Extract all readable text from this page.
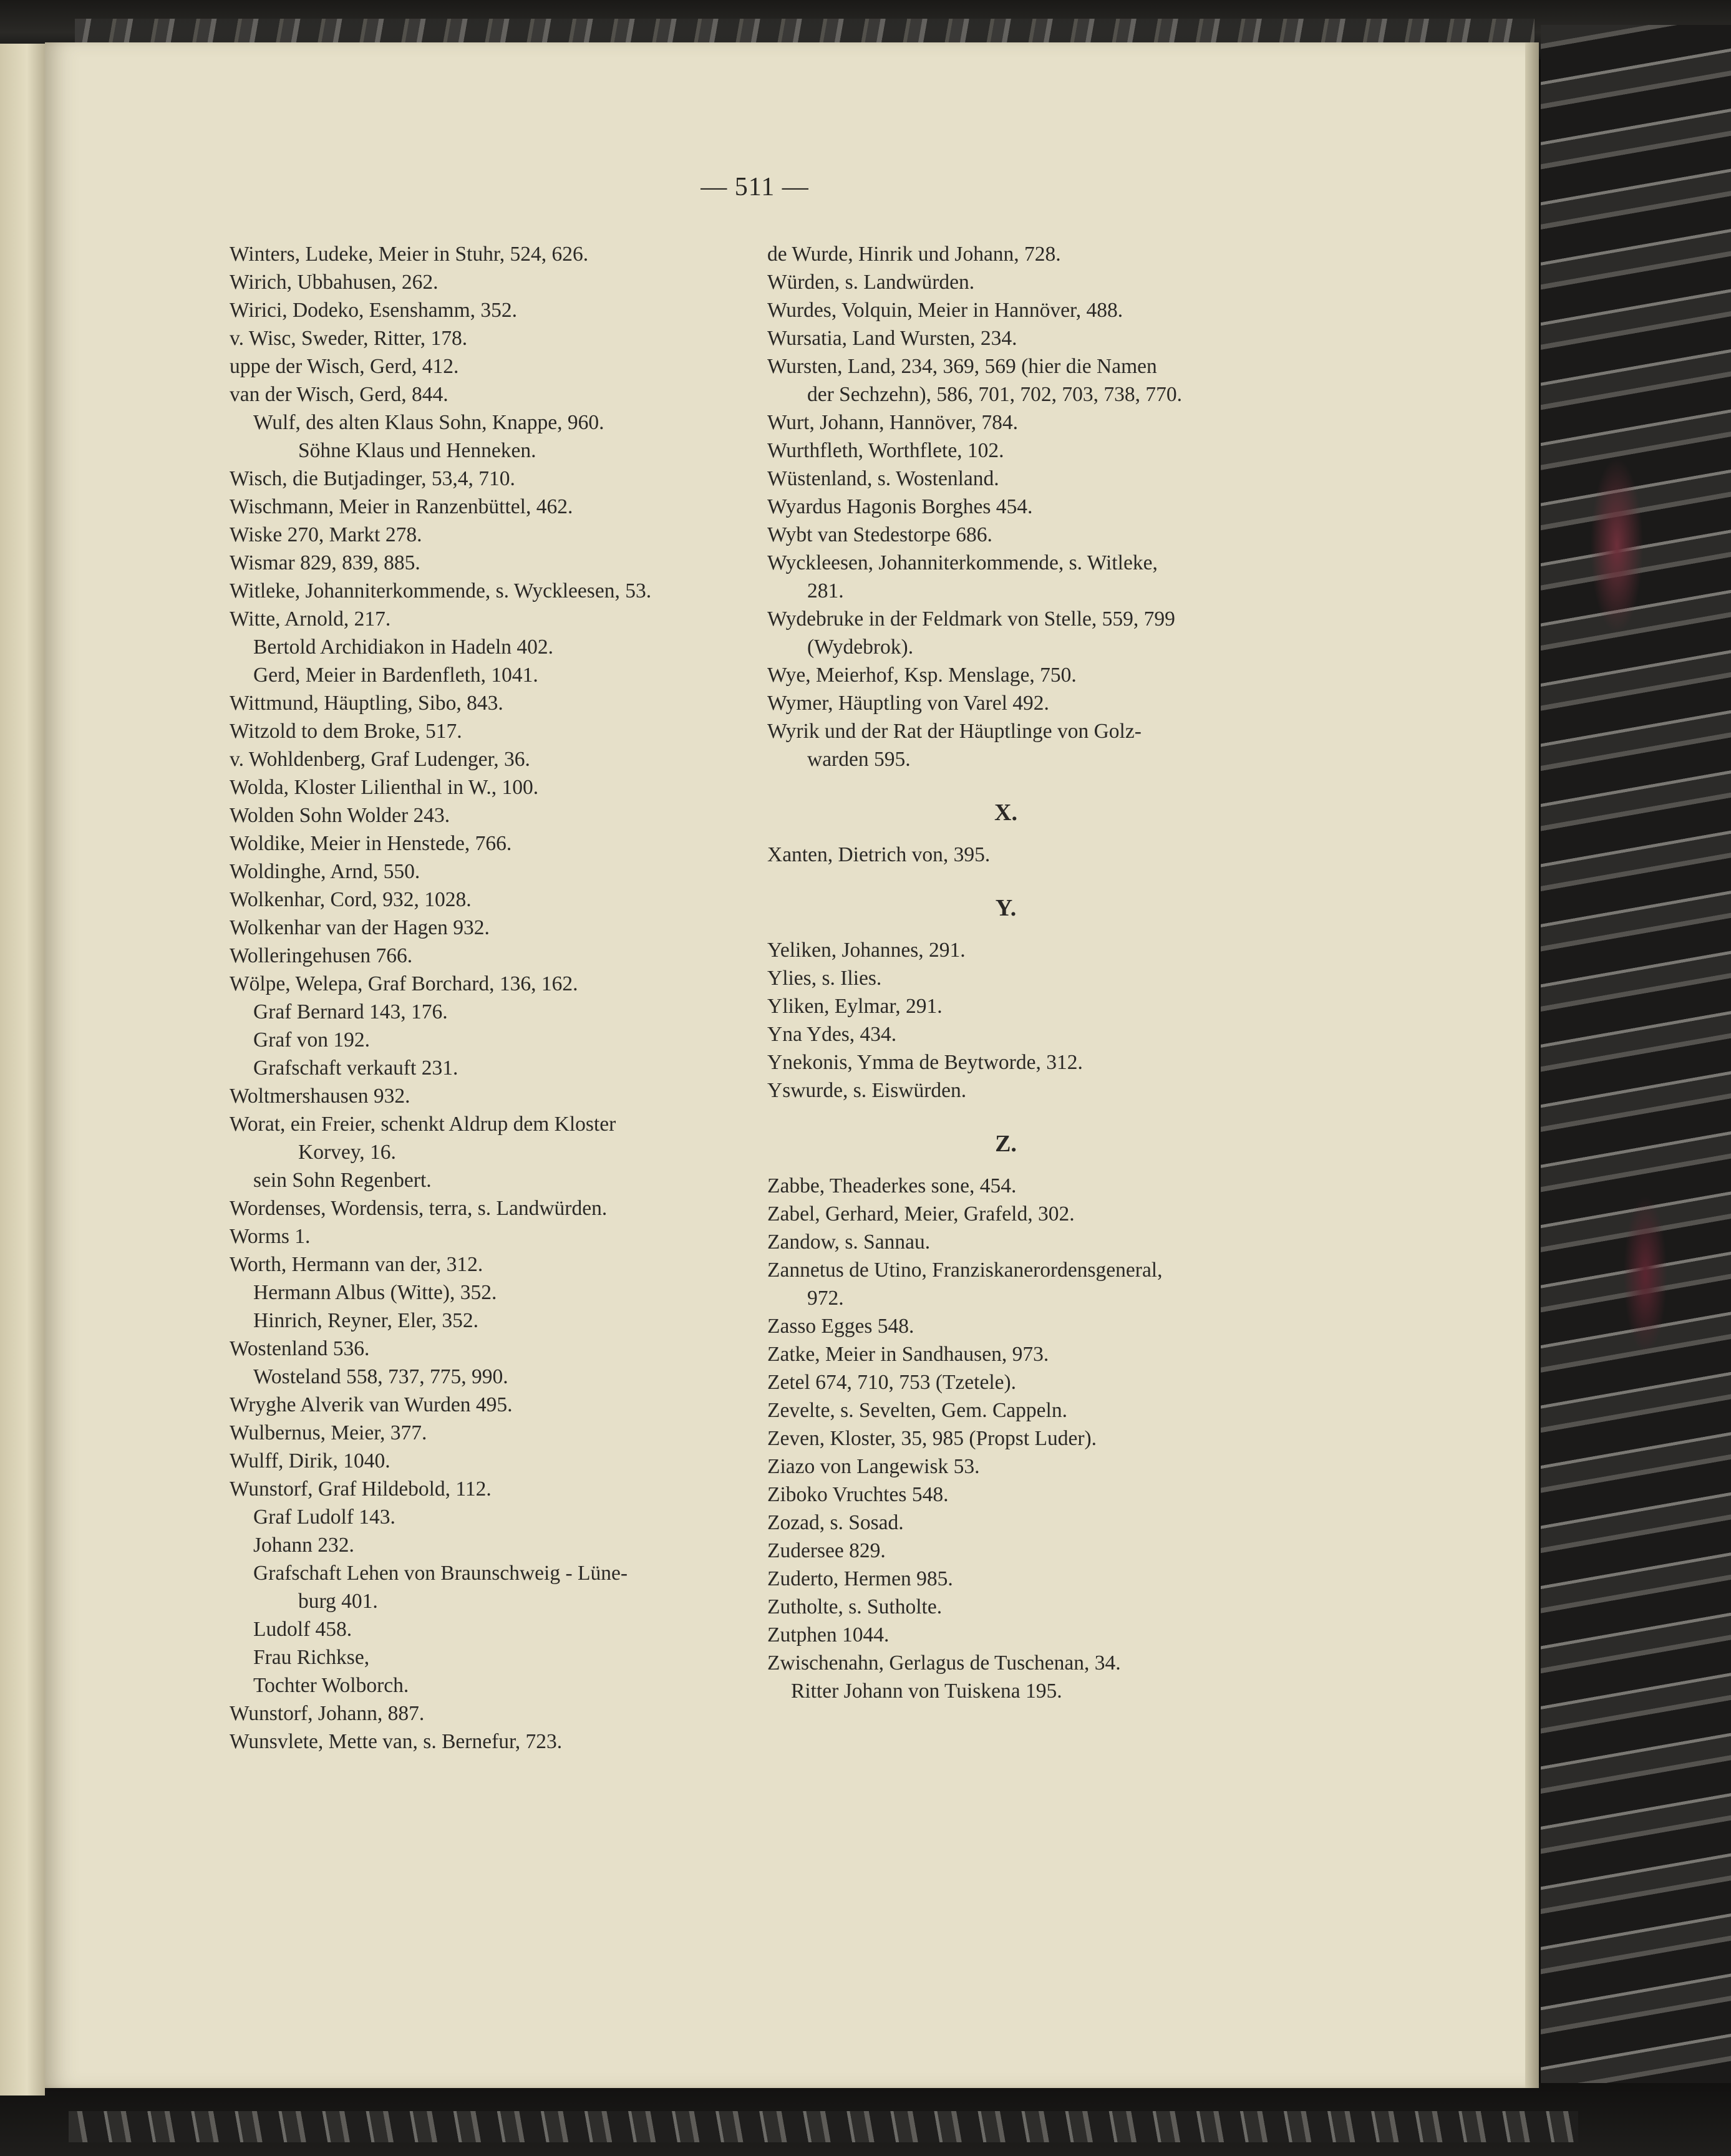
— 511 —
Winters, Ludeke, Meier in Stuhr, 524, 626.
Wirich, Ubbahusen, 262.
Wirici, Dodeko, Esenshamm, 352.
v. Wisc, Sweder, Ritter, 178.
uppe der Wisch, Gerd, 412.
van der Wisch, Gerd, 844.
Wulf, des alten Klaus Sohn, Knappe, 960.
Söhne Klaus und Henneken.
Wisch, die Butjadinger, 53,4, 710.
Wischmann, Meier in Ranzenbüttel, 462.
Wiske 270, Markt 278.
Wismar 829, 839, 885.
Witleke, Johanniterkommende, s. Wyckleesen, 53.
Witte, Arnold, 217.
Bertold Archidiakon in Hadeln 402.
Gerd, Meier in Bardenfleth, 1041.
Wittmund, Häuptling, Sibo, 843.
Witzold to dem Broke, 517.
v. Wohldenberg, Graf Ludenger, 36.
Wolda, Kloster Lilienthal in W., 100.
Wolden Sohn Wolder 243.
Woldike, Meier in Henstede, 766.
Woldinghe, Arnd, 550.
Wolkenhar, Cord, 932, 1028.
Wolkenhar van der Hagen 932.
Wolleringehusen 766.
Wölpe, Welepa, Graf Borchard, 136, 162.
Graf Bernard 143, 176.
Graf von 192.
Grafschaft verkauft 231.
Woltmershausen 932.
Worat, ein Freier, schenkt Aldrup dem Kloster
Korvey, 16.
sein Sohn Regenbert.
Wordenses, Wordensis, terra, s. Landwürden.
Worms 1.
Worth, Hermann van der, 312.
Hermann Albus (Witte), 352.
Hinrich, Reyner, Eler, 352.
Wostenland 536.
Wosteland 558, 737, 775, 990.
Wryghe Alverik van Wurden 495.
Wulbernus, Meier, 377.
Wulff, Dirik, 1040.
Wunstorf, Graf Hildebold, 112.
Graf Ludolf 143.
Johann 232.
Grafschaft Lehen von Braunschweig - Lüne-
burg 401.
Ludolf 458.
Frau Richkse,
Tochter Wolborch.
Wunstorf, Johann, 887.
Wunsvlete, Mette van, s. Bernefur, 723.
de Wurde, Hinrik und Johann, 728.
Würden, s. Landwürden.
Wurdes, Volquin, Meier in Hannöver, 488.
Wursatia, Land Wursten, 234.
Wursten, Land, 234, 369, 569 (hier die Namen
der Sechzehn), 586, 701, 702, 703, 738, 770.
Wurt, Johann, Hannöver, 784.
Wurthfleth, Worthflete, 102.
Wüstenland, s. Wostenland.
Wyardus Hagonis Borghes 454.
Wybt van Stedestorpe 686.
Wyckleesen, Johanniterkommende, s. Witleke,
281.
Wydebruke in der Feldmark von Stelle, 559, 799
(Wydebrok).
Wye, Meierhof, Ksp. Menslage, 750.
Wymer, Häuptling von Varel 492.
Wyrik und der Rat der Häuptlinge von Golz-
warden 595.
X.
Xanten, Dietrich von, 395.
Y.
Yeliken, Johannes, 291.
Ylies, s. Ilies.
Yliken, Eylmar, 291.
Yna Ydes, 434.
Ynekonis, Ymma de Beytworde, 312.
Yswurde, s. Eiswürden.
Z.
Zabbe, Theaderkes sone, 454.
Zabel, Gerhard, Meier, Grafeld, 302.
Zandow, s. Sannau.
Zannetus de Utino, Franziskanerordensgeneral,
972.
Zasso Egges 548.
Zatke, Meier in Sandhausen, 973.
Zetel 674, 710, 753 (Tzetele).
Zevelte, s. Sevelten, Gem. Cappeln.
Zeven, Kloster, 35, 985 (Propst Luder).
Ziazo von Langewisk 53.
Ziboko Vruchtes 548.
Zozad, s. Sosad.
Zudersee 829.
Zuderto, Hermen 985.
Zutholte, s. Sutholte.
Zutphen 1044.
Zwischenahn, Gerlagus de Tuschenan, 34.
Ritter Johann von Tuiskena 195.
